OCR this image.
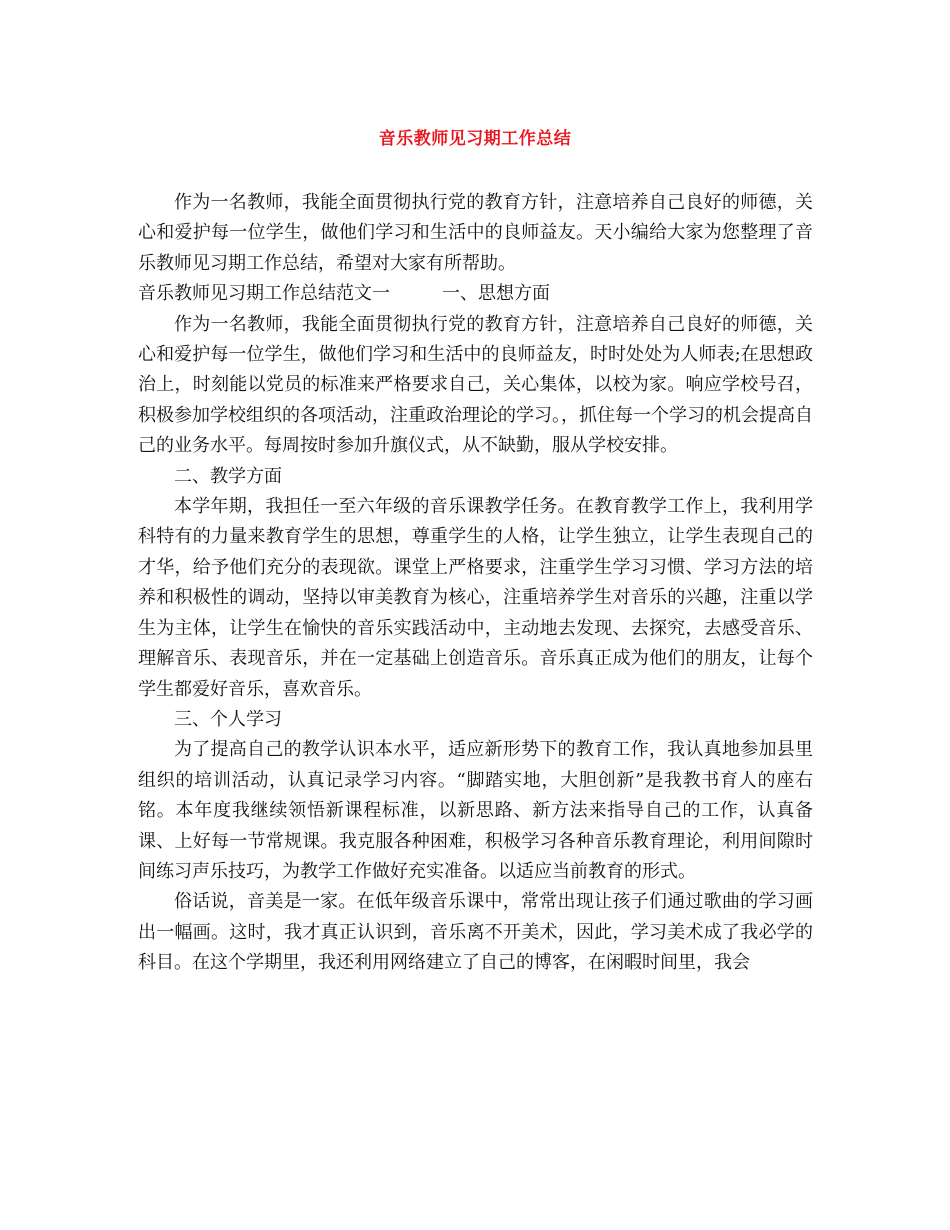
音乐教师见习期工作总结

作为一名教师，我能全面贯彻执行党的教育方针，注意培养自己良好的师德，关心和爱护每一位学生，做他们学习和生活中的良师益友。天小编给大家为您整理了音乐教师见习期工作总结，希望对大家有所帮助。

音乐教师见习期工作总结范文一	一、思想方面

作为一名教师，我能全面贯彻执行党的教育方针，注意培养自己良好的师德，关心和爱护每一位学生，做他们学习和生活中的良师益友，时时处处为人师表;在思想政治上，时刻能以党员的标准来严格要求自己，关心集体，以校为家。响应学校号召，积极参加学校组织的各项活动，注重政治理论的学习。，抓住每一个学习的机会提高自己的业务水平。每周按时参加升旗仪式，从不缺勤，服从学校安排。

二、教学方面

本学年期，我担任一至六年级的音乐课教学任务。在教育教学工作上，我利用学科特有的力量来教育学生的思想，尊重学生的人格，让学生独立，让学生表现自己的才华，给予他们充分的表现欲。课堂上严格要求，注重学生学习习惯、学习方法的培养和积极性的调动，坚持以审美教育为核心，注重培养学生对音乐的兴趣，注重以学生为主体，让学生在愉快的音乐实践活动中，主动地去发现、去探究，去感受音乐、理解音乐、表现音乐，并在一定基础上创造音乐。音乐真正成为他们的朋友，让每个学生都爱好音乐，喜欢音乐。

三、个人学习

为了提高自己的教学认识本水平，适应新形势下的教育工作，我认真地参加县里组织的培训活动，认真记录学习内容。“脚踏实地，大胆创新”是我教书育人的座右铭。本年度我继续领悟新课程标准，以新思路、新方法来指导自己的工作，认真备课、上好每一节常规课。我克服各种困难，积极学习各种音乐教育理论，利用间隙时间练习声乐技巧，为教学工作做好充实准备。以适应当前教育的形式。

俗话说，音美是一家。在低年级音乐课中，常常出现让孩子们通过歌曲的学习画出一幅画。这时，我才真正认识到，音乐离不开美术，因此，学习美术成了我必学的科目。在这个学期里，我还利用网络建立了自己的博客，在闲暇时间里，我会
